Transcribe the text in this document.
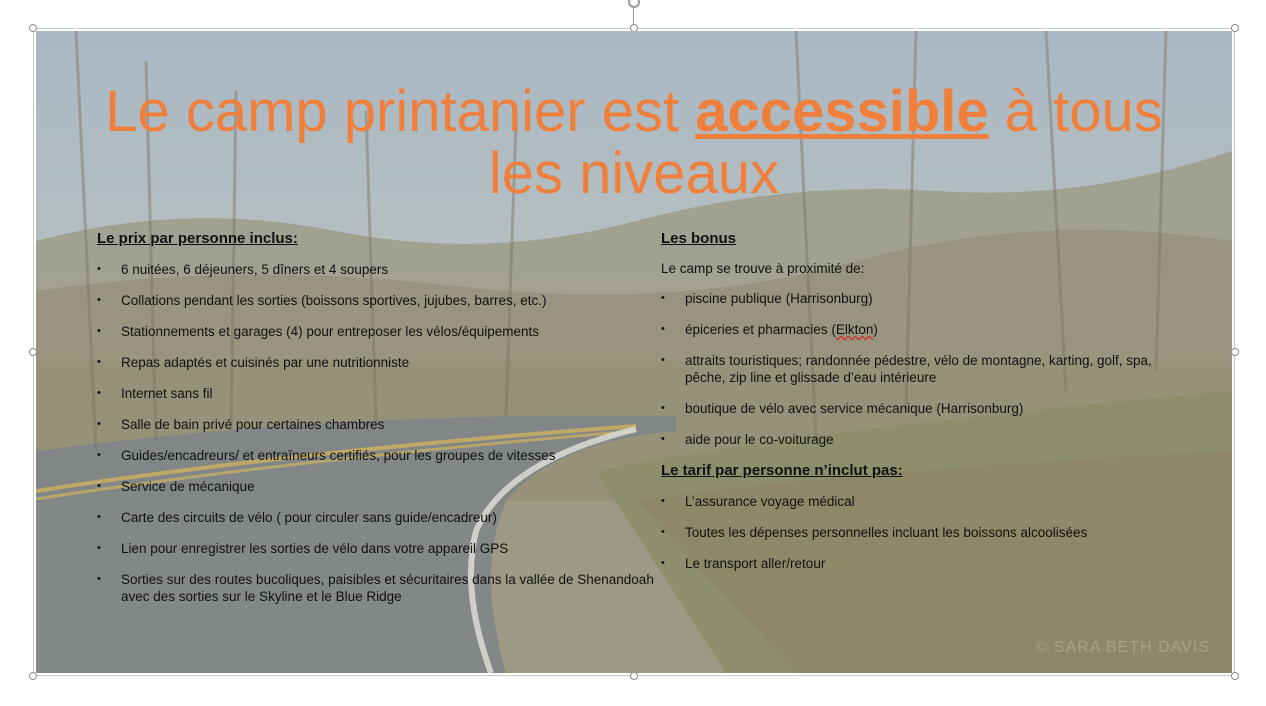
Le camp printanier est accessible à tous les niveaux
Le prix par personne inclus:
• 6 nuitées, 6 déjeuners, 5 dîners et 4 soupers
• Collations pendant les sorties (boissons sportives, jujubes, barres, etc.)
• Stationnements et garages (4) pour entreposer les vélos/équipements
• Repas adaptés et cuisinés par une nutritionniste
• Internet sans fil
• Salle de bain privé pour certaines chambres
• Guides/encadreurs/ et entraîneurs certifiés, pour les groupes de vitesses
• Service de mécanique
• Carte des circuits de vélo ( pour circuler sans guide/encadreur)
• Lien pour enregistrer les sorties de vélo dans votre appareil GPS
• Sorties sur des routes bucoliques, paisibles et sécuritaires dans la vallée de Shenandoah avec des sorties sur le Skyline et le Blue Ridge
Les bonus
Le camp se trouve à proximité de:
• piscine publique (Harrisonburg)
• épiceries et pharmacies (Elkton)
• attraits touristiques; randonnée pédestre, vélo de montagne, karting, golf, spa, pêche, zip line et glissade d’eau intérieure
• boutique de vélo avec service mécanique (Harrisonburg)
• aide pour le co-voiturage
Le tarif par personne n’inclut pas:
• L’assurance voyage médical
• Toutes les dépenses personnelles incluant les boissons alcoolisées
• Le transport aller/retour
© SARA BETH DAVIS
